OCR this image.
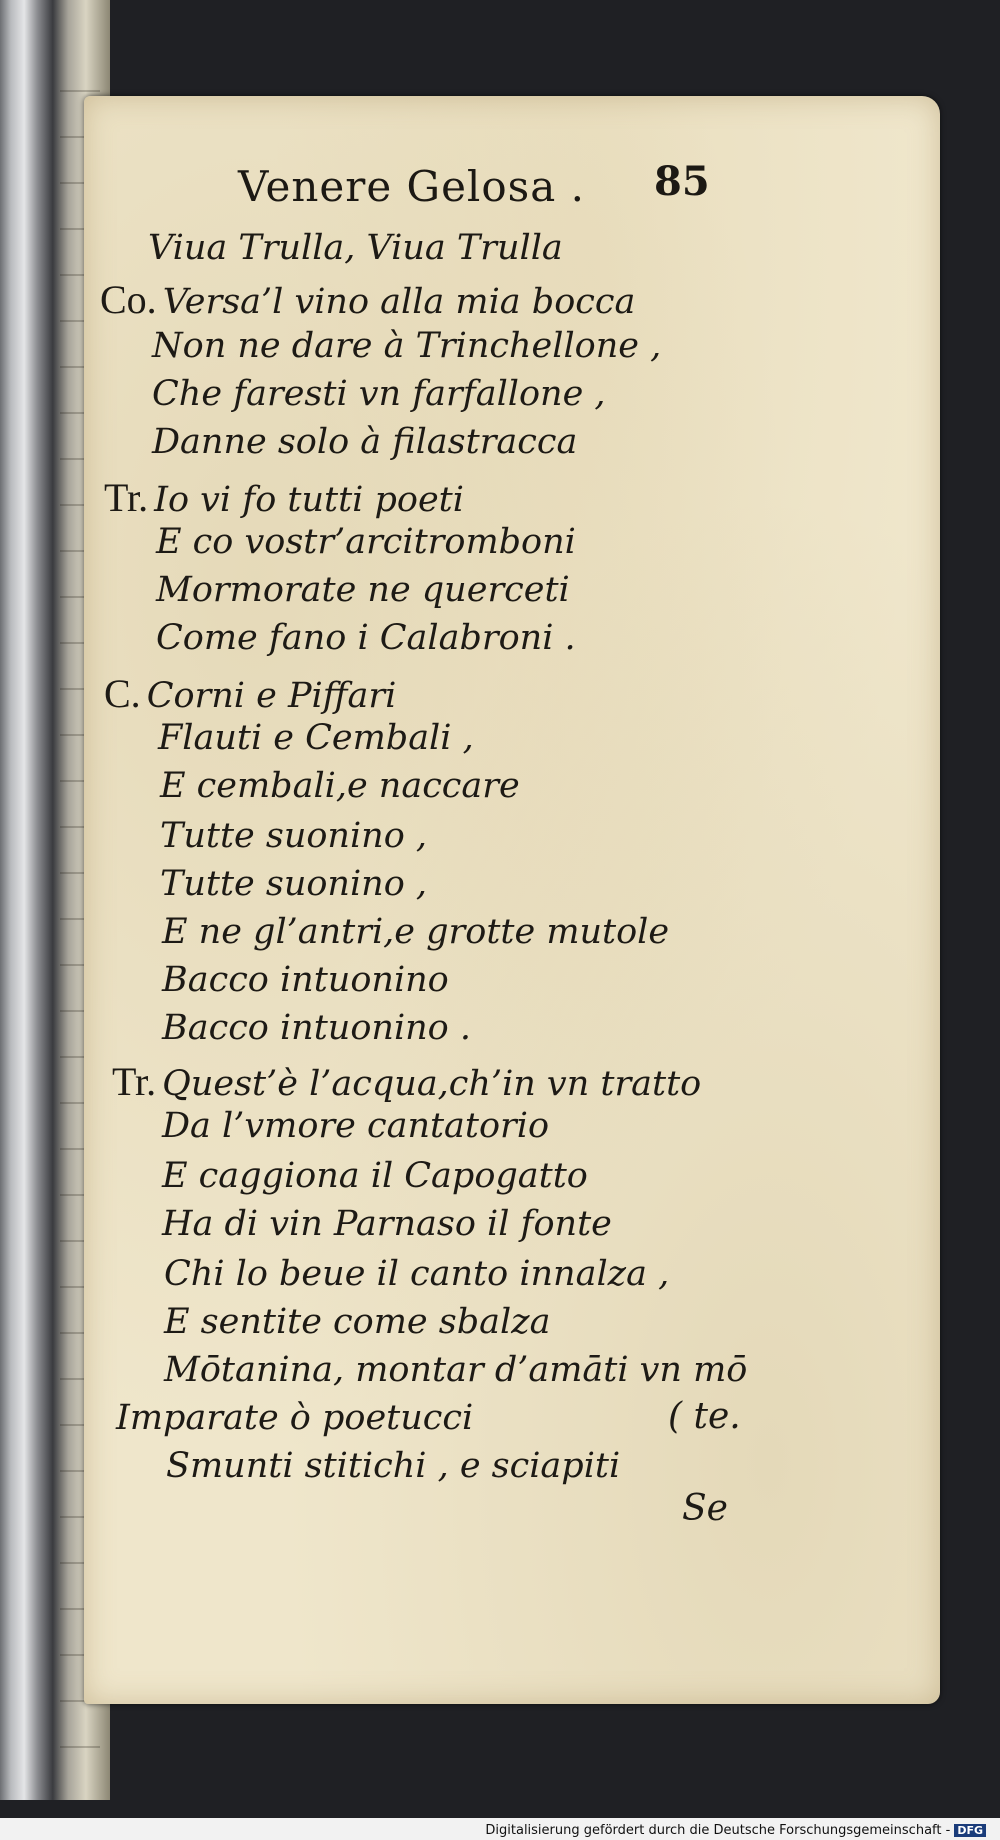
Venere Gelosa . 85
Viua Trulla, Viua Trulla
Co. Versa’l vino alla mia bocca
Non ne dare à Trinchellone ,
Che faresti vn farfallone ,
Danne solo à filastracca
Tr. Io vi fo tutti poeti
E co vostr’arcitromboni
Mormorate ne querceti
Come fano i Calabroni .
C. Corni e Piffari
Flauti e Cembali ,
E cembali,e naccare
Tutte suonino ,
Tutte suonino ,
E ne gl’antri,e grotte mutole
Bacco intuonino
Bacco intuonino .
Tr. Quest’è l’acqua,ch’in vn tratto
Da l’vmore cantatorio
E caggiona il Capogatto
Ha di vin Parnaso il fonte
Chi lo beue il canto innalza ,
E sentite come sbalza
Mōtanina, montar d’amāti vn mō
Imparate ò poetucci
Smunti stitichi , e sciapiti
( te.
Se
Digitalisierung gefördert durch die Deutsche Forschungsgemeinschaft - DFG
